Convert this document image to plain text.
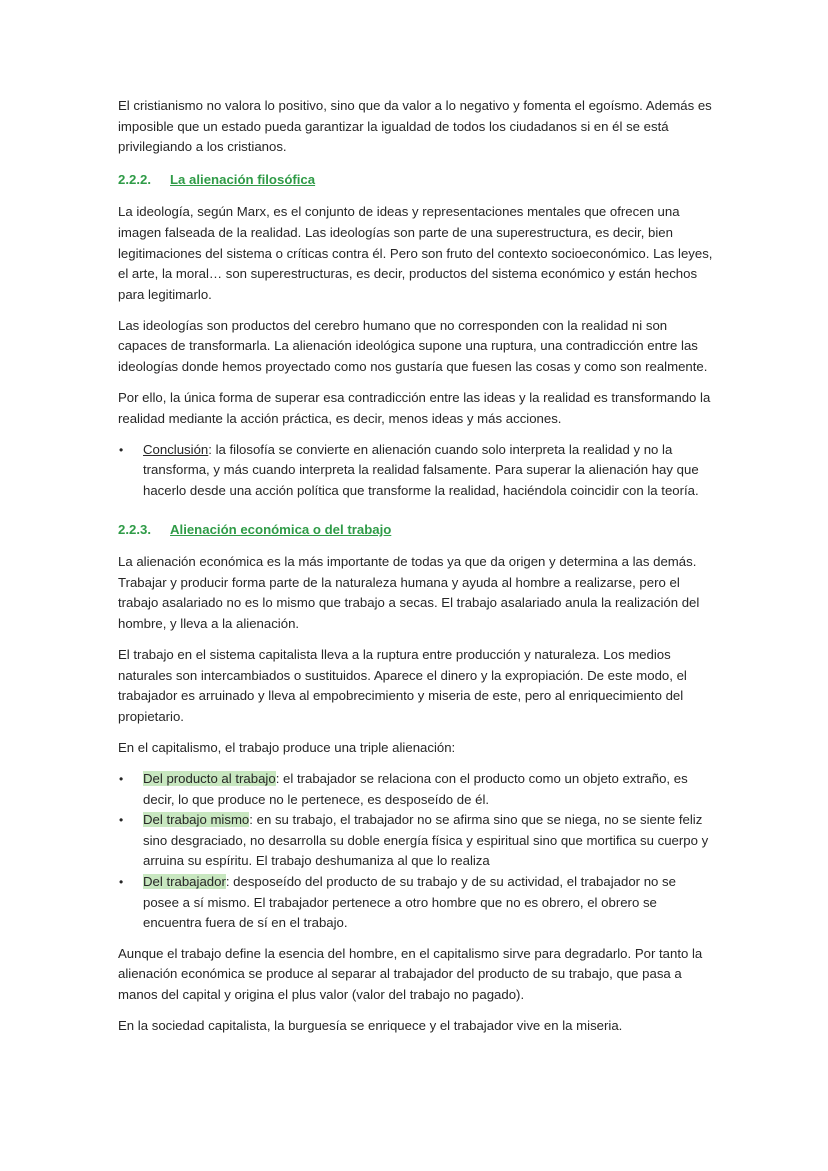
El cristianismo no valora lo positivo, sino que da valor a lo negativo y fomenta el egoísmo. Además es imposible que un estado pueda garantizar la igualdad de todos los ciudadanos si en él se está privilegiando a los cristianos.

2.2.2.	La alienación filosófica

La ideología, según Marx, es el conjunto de ideas y representaciones mentales que ofrecen una imagen falseada de la realidad. Las ideologías son parte de una superestructura, es decir, bien legitimaciones del sistema o críticas contra él. Pero son fruto del contexto socioeconómico. Las leyes, el arte, la moral… son superestructuras, es decir, productos del sistema económico y están hechos para legitimarlo.

Las ideologías son productos del cerebro humano que no corresponden con la realidad ni son capaces de transformarla. La alienación ideológica supone una ruptura, una contradicción entre las ideologías donde hemos proyectado como nos gustaría que fuesen las cosas y como son realmente.

Por ello, la única forma de superar esa contradicción entre las ideas y la realidad es transformando la realidad mediante la acción práctica, es decir, menos ideas y más acciones.

• Conclusión: la filosofía se convierte en alienación cuando solo interpreta la realidad y no la transforma, y más cuando interpreta la realidad falsamente. Para superar la alienación hay que hacerlo desde una acción política que transforme la realidad, haciéndola coincidir con la teoría.
2.2.3.	Alienación económica o del trabajo

La alienación económica es la más importante de todas ya que da origen y determina a las demás. Trabajar y producir forma parte de la naturaleza humana y ayuda al hombre a realizarse, pero el trabajo asalariado no es lo mismo que trabajo a secas. El trabajo asalariado anula la realización del hombre, y lleva a la alienación.

El trabajo en el sistema capitalista lleva a la ruptura entre producción y naturaleza. Los medios naturales son intercambiados o sustituidos. Aparece el dinero y la expropiación. De este modo, el trabajador es arruinado y lleva al empobrecimiento y miseria de este, pero al enriquecimiento del propietario.

En el capitalismo, el trabajo produce una triple alienación:

• Del producto al trabajo: el trabajador se relaciona con el producto como un objeto extraño, es decir, lo que produce no le pertenece, es desposeído de él.
• Del trabajo mismo: en su trabajo, el trabajador no se afirma sino que se niega, no se siente feliz sino desgraciado, no desarrolla su doble energía física y espiritual sino que mortifica su cuerpo y arruina su espíritu. El trabajo deshumaniza al que lo realiza
• Del trabajador: desposeído del producto de su trabajo y de su actividad, el trabajador no se posee a sí mismo. El trabajador pertenece a otro hombre que no es obrero, el obrero se encuentra fuera de sí en el trabajo.

Aunque el trabajo define la esencia del hombre, en el capitalismo sirve para degradarlo. Por tanto la alienación económica se produce al separar al trabajador del producto de su trabajo, que pasa a manos del capital y origina el plus valor (valor del trabajo no pagado).

En la sociedad capitalista, la burguesía se enriquece y el trabajador vive en la miseria.
